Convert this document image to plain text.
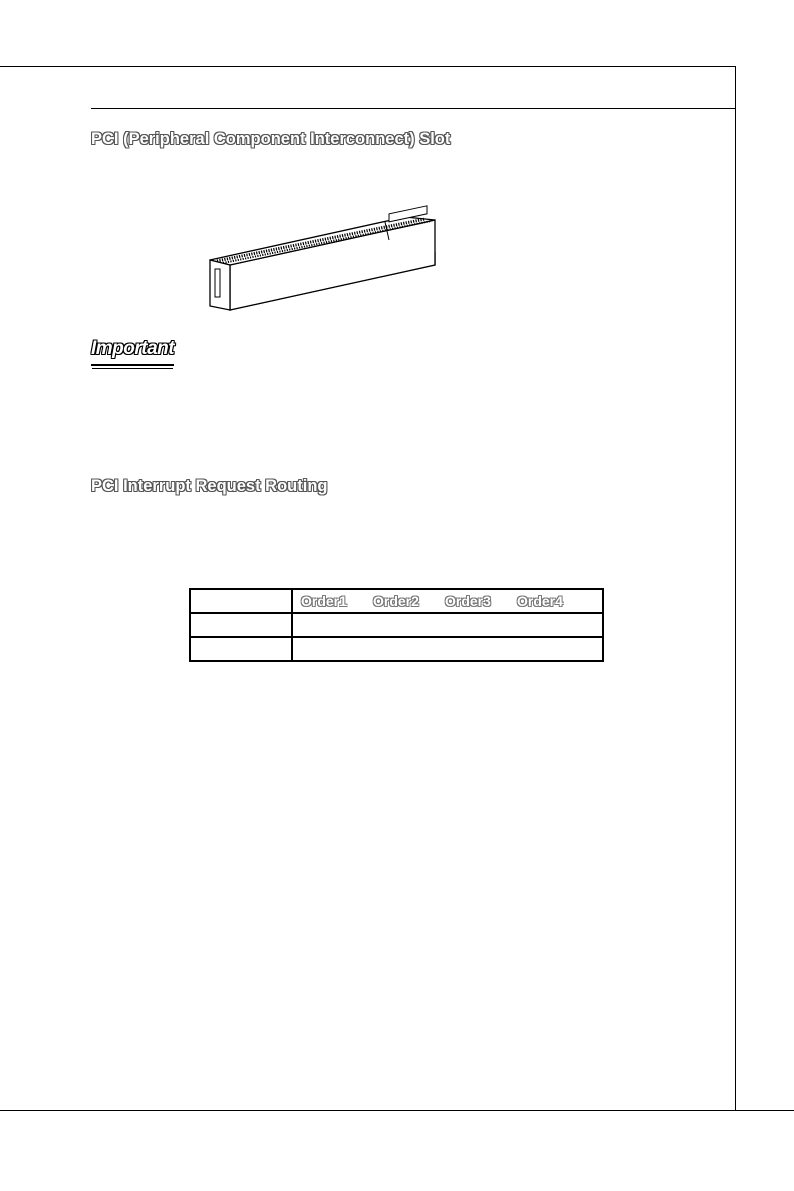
PCI (Peripheral Component Interconnect) Slot
Important
PCI Interrupt Request Routing

	Order1 Order2 Order3 Order4
